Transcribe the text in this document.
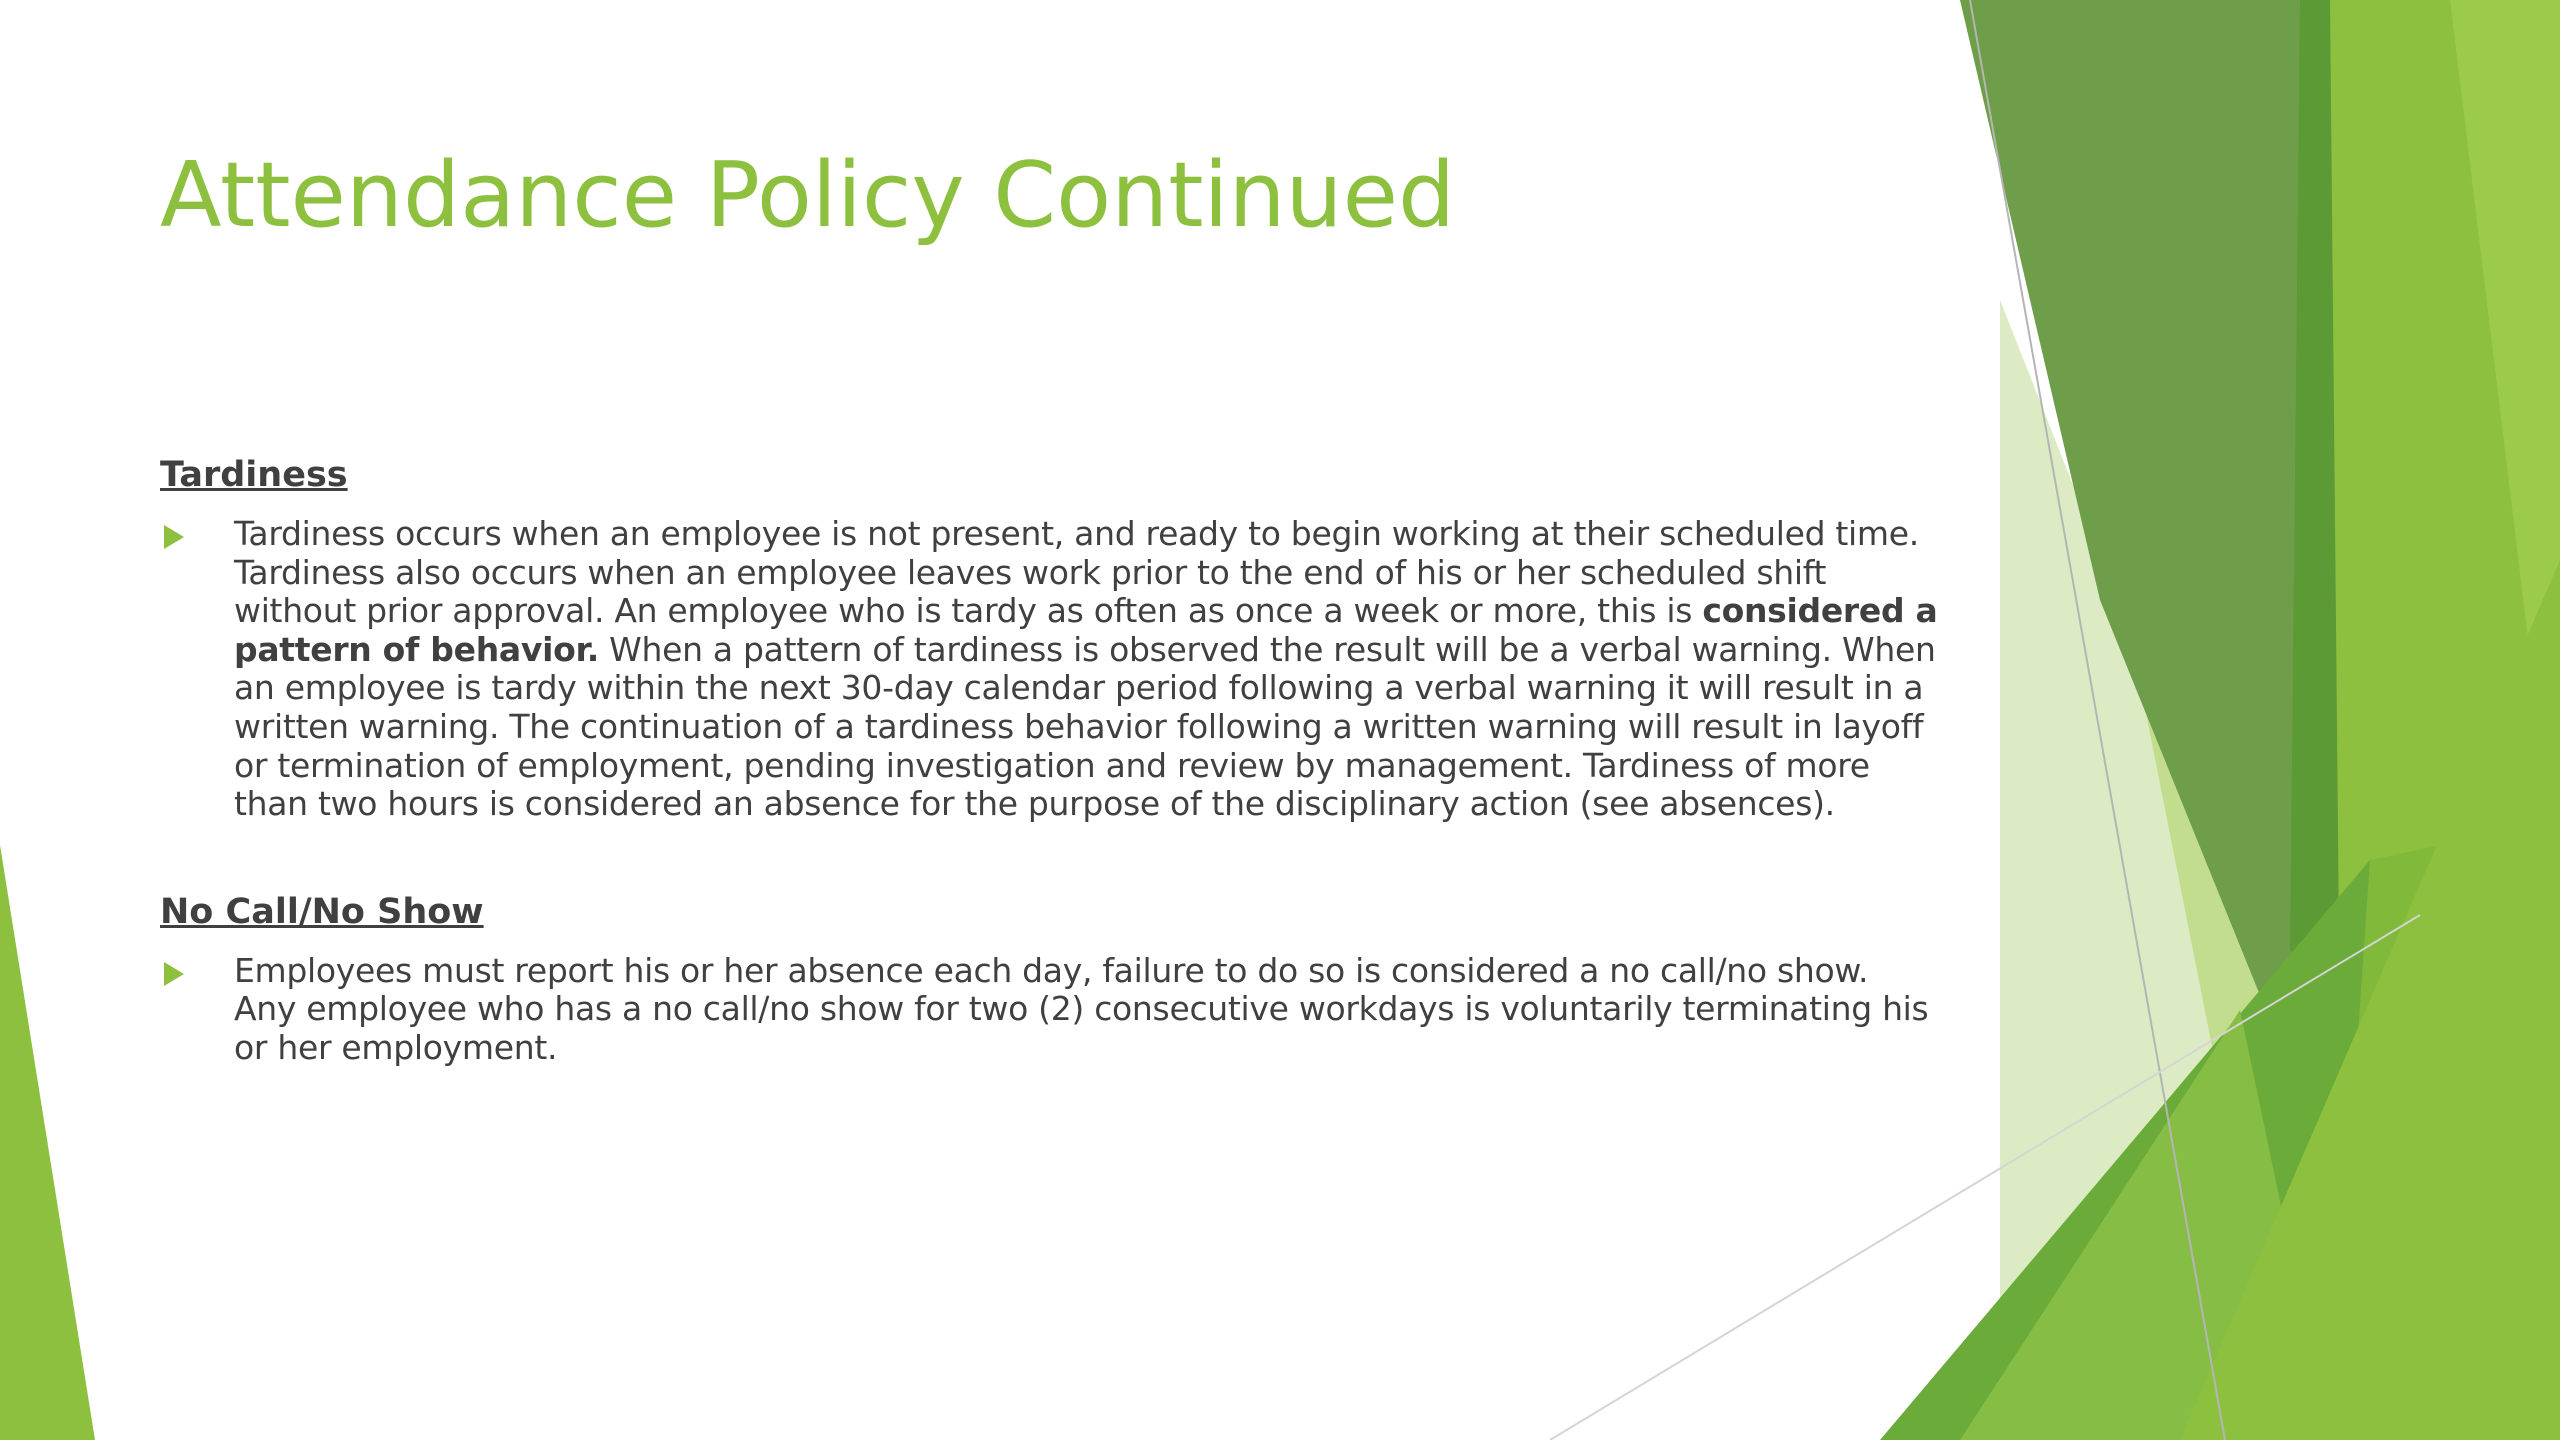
Attendance Policy Continued

Tardiness

Tardiness occurs when an employee is not present, and ready to begin working at their scheduled time. Tardiness also occurs when an employee leaves work prior to the end of his or her scheduled shift without prior approval. An employee who is tardy as often as once a week or more, this is considered a pattern of behavior. When a pattern of tardiness is observed the result will be a verbal warning. When an employee is tardy within the next 30-day calendar period following a verbal warning it will result in a written warning. The continuation of a tardiness behavior following a written warning will result in layoff or termination of employment, pending investigation and review by management. Tardiness of more than two hours is considered an absence for the purpose of the disciplinary action (see absences).

No Call/No Show

Employees must report his or her absence each day, failure to do so is considered a no call/no show. Any employee who has a no call/no show for two (2) consecutive workdays is voluntarily terminating his or her employment.
